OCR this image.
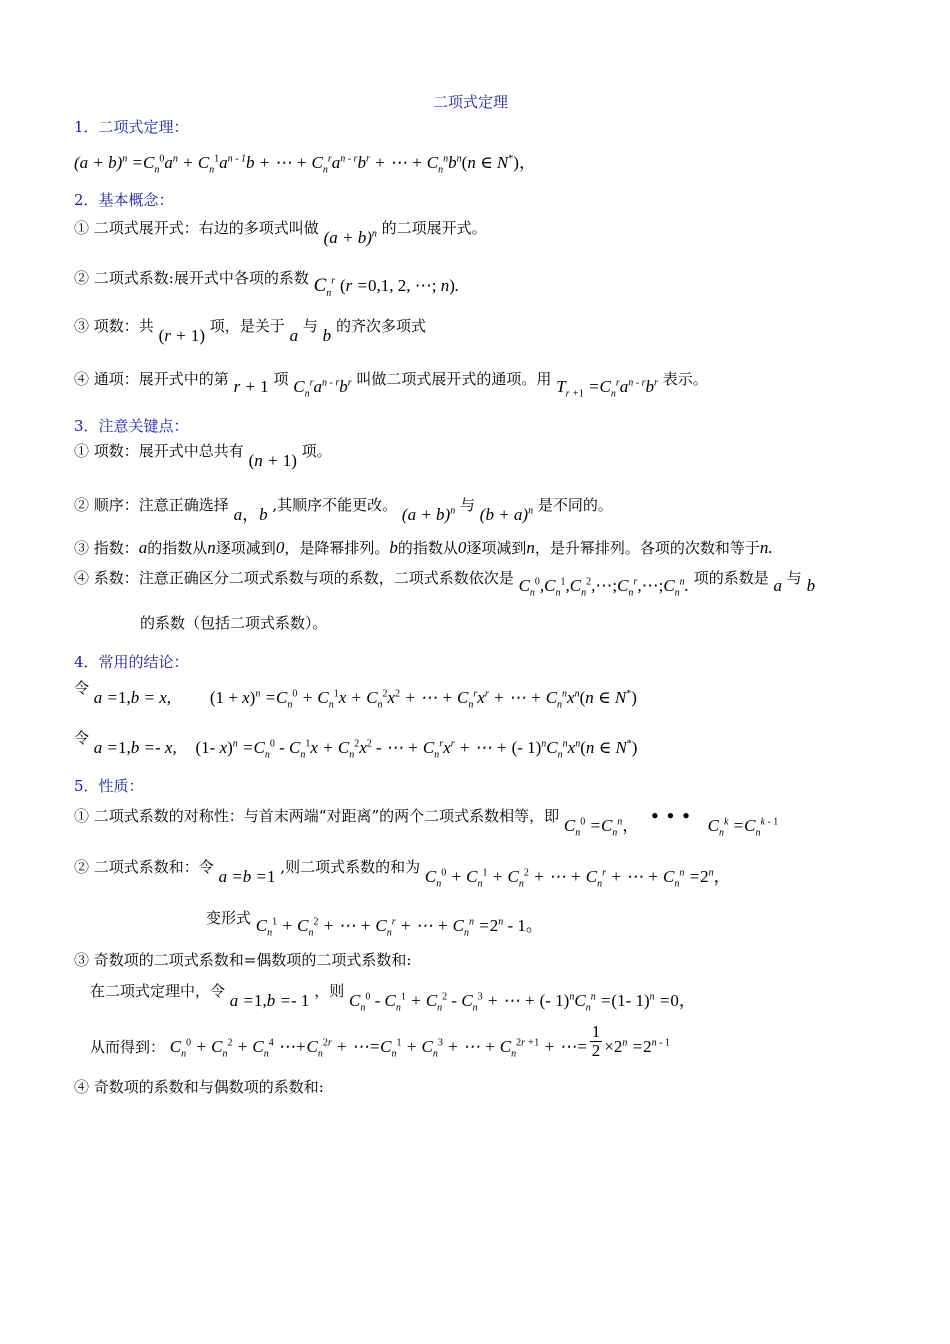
二项式定理
1．二项式定理：
$(a + b)^n =C_n^0a^n + C_n^1a^{n - 1}b$ + ⋯ + $C_n^ra^{n - r}b^r$ + ⋯ + $C_n^nb^n(n$ ∈ N*)，
2．基本概念：
① 二项式展开式：右边的多项式叫做 $(a + b)^n$ 的二项展开式。
② 二项式系数:展开式中各项的系数 $C_n^r$ (r =0,1, 2, ⋯; n).
③ 项数：共 (r + 1) 项，是关于 a 与 b 的齐次多项式
④ 通项：展开式中的第 r + 1 项 $C_n^ra^{n - r}b^r$ 叫做二项式展开式的通项。用 $T_{r +1} =C_n^ra^{n - r}b^r$ 表示。
3．注意关键点：
① 项数：展开式中总共有 (n + 1) 项。
② 顺序：注意正确选择 a，b ,其顺序不能更改。 $(a + b)^n$ 与 $(b + a)^n$ 是不同的。
③ 指数：a的指数从n逐项减到0，是降幂排列。b的指数从0逐项减到n，是升幂排列。各项的次数和等于n.
④ 系数：注意正确区分二项式系数与项的系数，二项式系数依次是 $C_n^0,C_n^1,C_n^2,\cdots;C_n^r,\cdots;C_n^n$. 项的系数是 a 与 b
的系数（包括二项式系数）。
4．常用的结论：
令 a =1,b = x, $(1 + x)^n =C_n^0 + C_n^1x + C_n^2x^2$ + ⋯ + $C_n^rx^r$ + ⋯ + $C_n^nx^n(n$ ∈ N*)
令 a =1,b =- x, (1- $x)^n =C_n^0 - C_n^1x + C_n^2x^2$ - ⋯ + $C_n^rx^r$ + ⋯ + (- $1)^nC_n^nx^n(n$ ∈ N*)
5．性质：
① 二项式系数的对称性：与首末两端“对距离”的两个二项式系数相等，即 $C_n^0 =C_n^n$， ••• $C_n^k =C_n^{k - 1}$
② 二项式系数和：令 a =b =1 ,则二项式系数的和为 $C_n^0 + C_n^1 + C_n^2$ + ⋯ + $C_n^r$ + ⋯ + $C_n^n =2^n$，
变形式 $C_n^1 + C_n^2$ + ⋯ + $C_n^r$ + ⋯ + $C_n^n =2^n - 1$。
③ 奇数项的二项式系数和=偶数项的二项式系数和:
在二项式定理中，令 a =1,b =- 1 ，则 $C_n^0 - C_n^1 + C_n^2 - C_n^3$ + ⋯ + (- $1)^nC_n^n =(1-$ 1)$^n$ =0，
从而得到： $C_n^0 + C_n^2 + C_n^4$ $\cdots+C_n^{2r}$ + $\cdots=C_n^1 + C_n^3$ + ⋯ + $C_n^{2r +1}$ + ⋯= $\frac{1}{2} \times 2^n =2^{n - 1}$
④ 奇数项的系数和与偶数项的系数和:
